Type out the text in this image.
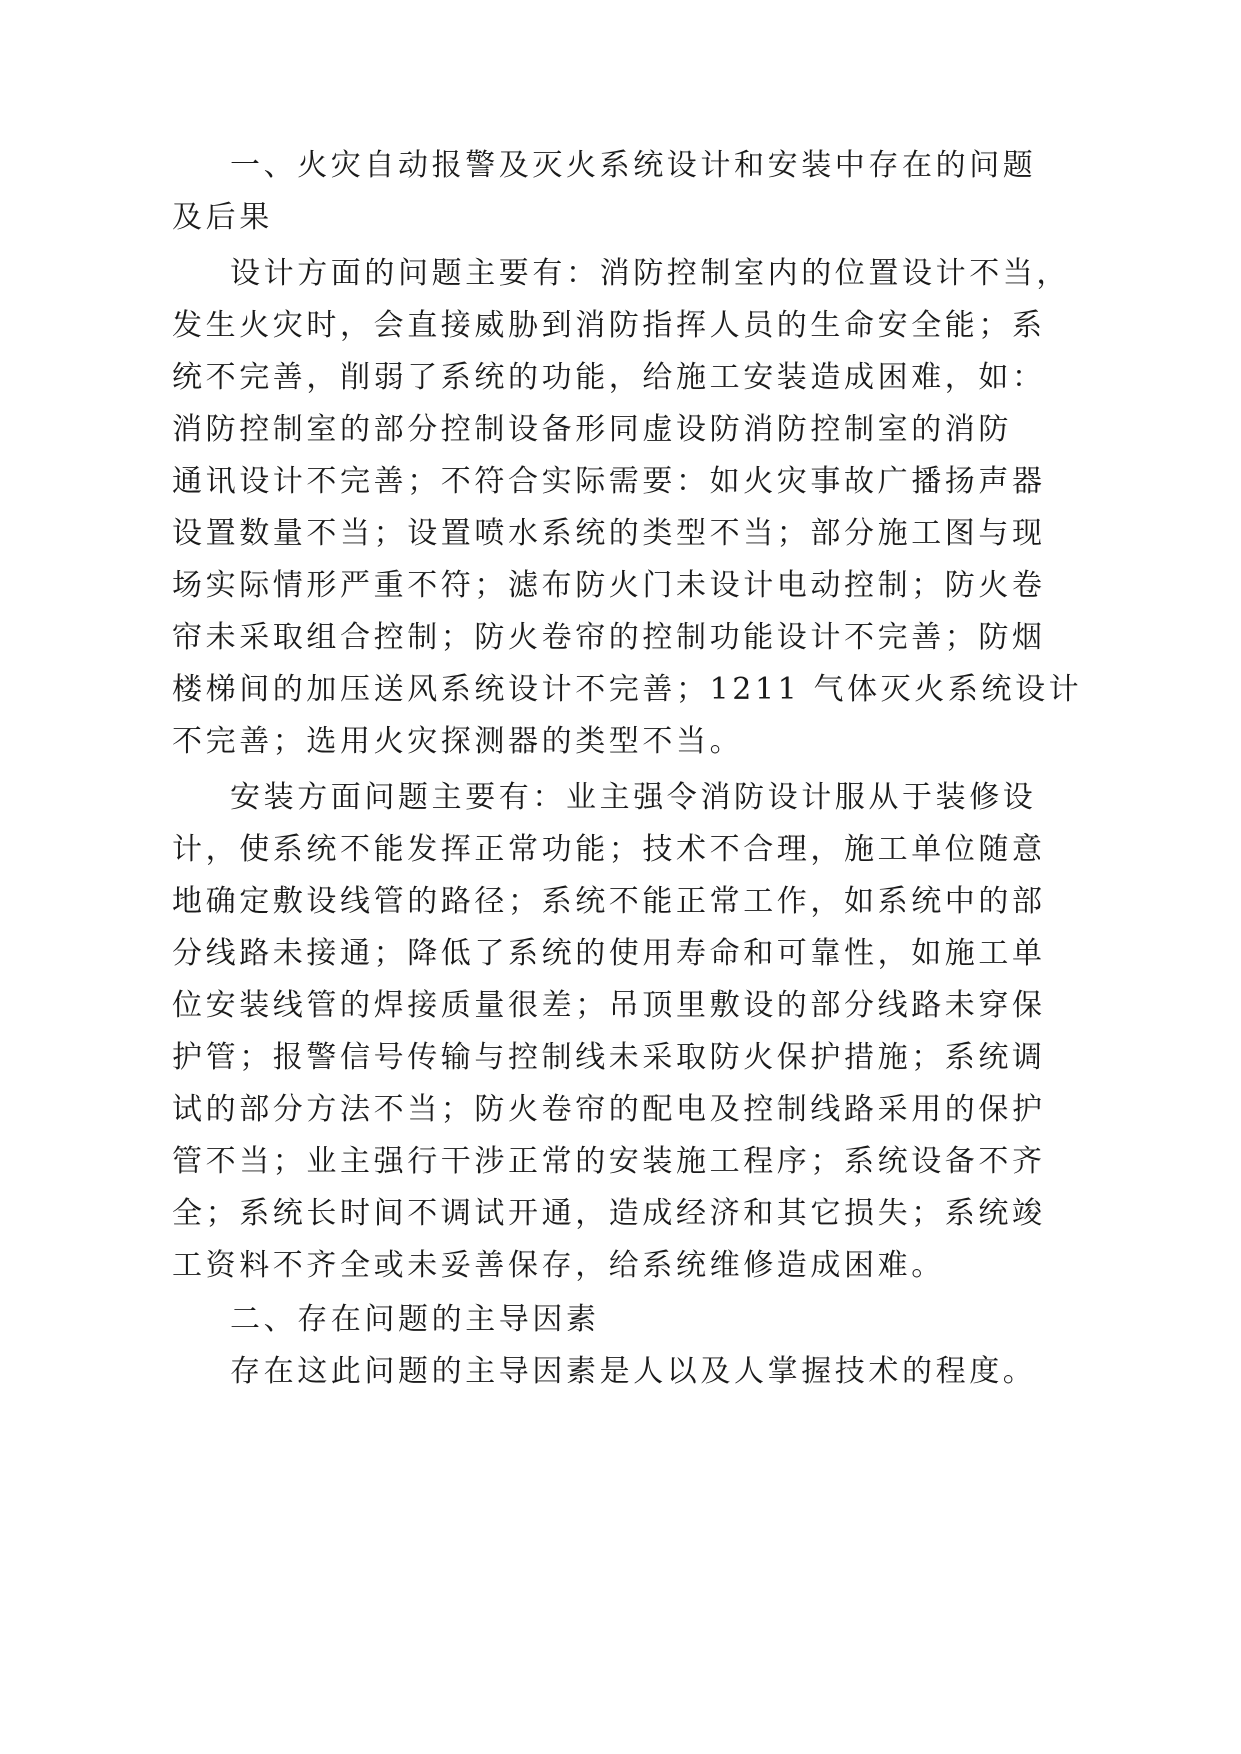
一、火灾自动报警及灭火系统设计和安装中存在的问题
及后果
设计方面的问题主要有：消防控制室内的位置设计不当，
发生火灾时，会直接威胁到消防指挥人员的生命安全能；系
统不完善，削弱了系统的功能，给施工安装造成困难，如：
消防控制室的部分控制设备形同虚设防消防控制室的消防
通讯设计不完善；不符合实际需要：如火灾事故广播扬声器
设置数量不当；设置喷水系统的类型不当；部分施工图与现
场实际情形严重不符；滤布防火门未设计电动控制；防火卷
帘未采取组合控制；防火卷帘的控制功能设计不完善；防烟
楼梯间的加压送风系统设计不完善；1211 气体灭火系统设计
不完善；选用火灾探测器的类型不当。
安装方面问题主要有：业主强令消防设计服从于装修设
计，使系统不能发挥正常功能；技术不合理，施工单位随意
地确定敷设线管的路径；系统不能正常工作，如系统中的部
分线路未接通；降低了系统的使用寿命和可靠性，如施工单
位安装线管的焊接质量很差；吊顶里敷设的部分线路未穿保
护管；报警信号传输与控制线未采取防火保护措施；系统调
试的部分方法不当；防火卷帘的配电及控制线路采用的保护
管不当；业主强行干涉正常的安装施工程序；系统设备不齐
全；系统长时间不调试开通，造成经济和其它损失；系统竣
工资料不齐全或未妥善保存，给系统维修造成困难。
二、存在问题的主导因素
存在这此问题的主导因素是人以及人掌握技术的程度。
